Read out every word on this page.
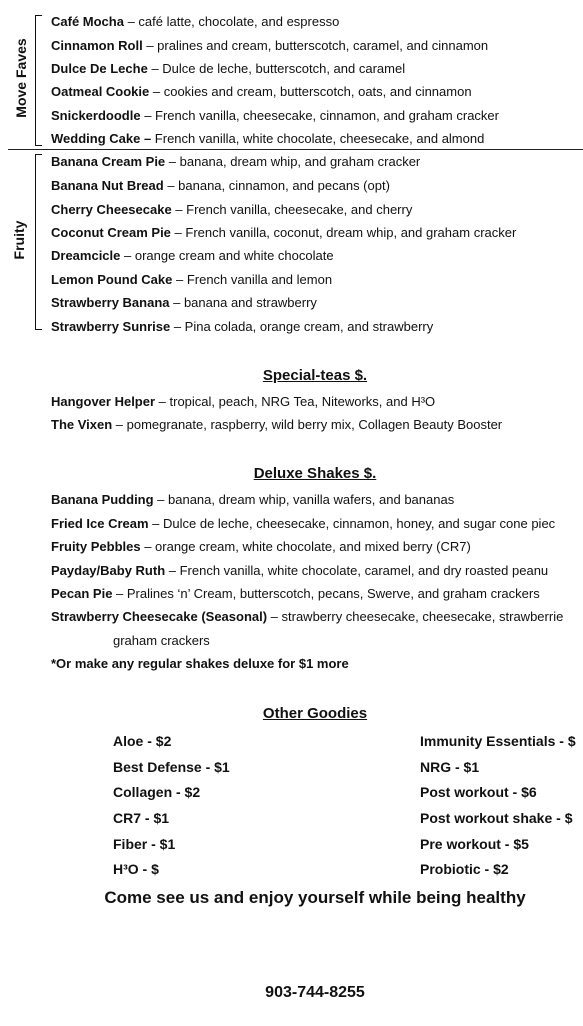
Move Faves
Café Mocha – café latte, chocolate, and espresso
Cinnamon Roll – pralines and cream, butterscotch, caramel, and cinnamon
Dulce De Leche – Dulce de leche, butterscotch, and caramel
Oatmeal Cookie – cookies and cream, butterscotch, oats, and cinnamon
Snickerdoodle – French vanilla, cheesecake, cinnamon, and graham cracker
Wedding Cake – French vanilla, white chocolate, cheesecake, and almond
Fruity
Banana Cream Pie – banana, dream whip, and graham cracker
Banana Nut Bread – banana, cinnamon, and pecans (opt)
Cherry Cheesecake – French vanilla, cheesecake, and cherry
Coconut Cream Pie – French vanilla, coconut, dream whip, and graham cracker
Dreamcicle – orange cream and white chocolate
Lemon Pound Cake – French vanilla and lemon
Strawberry Banana – banana and strawberry
Strawberry Sunrise – Pina colada, orange cream, and strawberry
Special-teas $.
Hangover Helper – tropical, peach, NRG Tea, Niteworks, and H³O
The Vixen – pomegranate, raspberry, wild berry mix, Collagen Beauty Booster
Deluxe Shakes $.
Banana Pudding – banana, dream whip, vanilla wafers, and bananas
Fried Ice Cream – Dulce de leche, cheesecake, cinnamon, honey, and sugar cone piec
Fruity Pebbles – orange cream, white chocolate, and mixed berry (CR7)
Payday/Baby Ruth – French vanilla, white chocolate, caramel, and dry roasted peanu
Pecan Pie – Pralines ‘n’ Cream, butterscotch, pecans, Swerve, and graham crackers
Strawberry Cheesecake (Seasonal) – strawberry cheesecake, cheesecake, strawberrie
graham crackers
*Or make any regular shakes deluxe for $1 more
Other Goodies
Aloe - $2
Best Defense - $1
Collagen - $2
CR7 - $1
Fiber - $1
H³O - $
Immunity Essentials - $
NRG - $1
Post workout - $6
Post workout shake - $
Pre workout - $5
Probiotic - $2
Come see us and enjoy yourself while being healthy
903-744-8255
